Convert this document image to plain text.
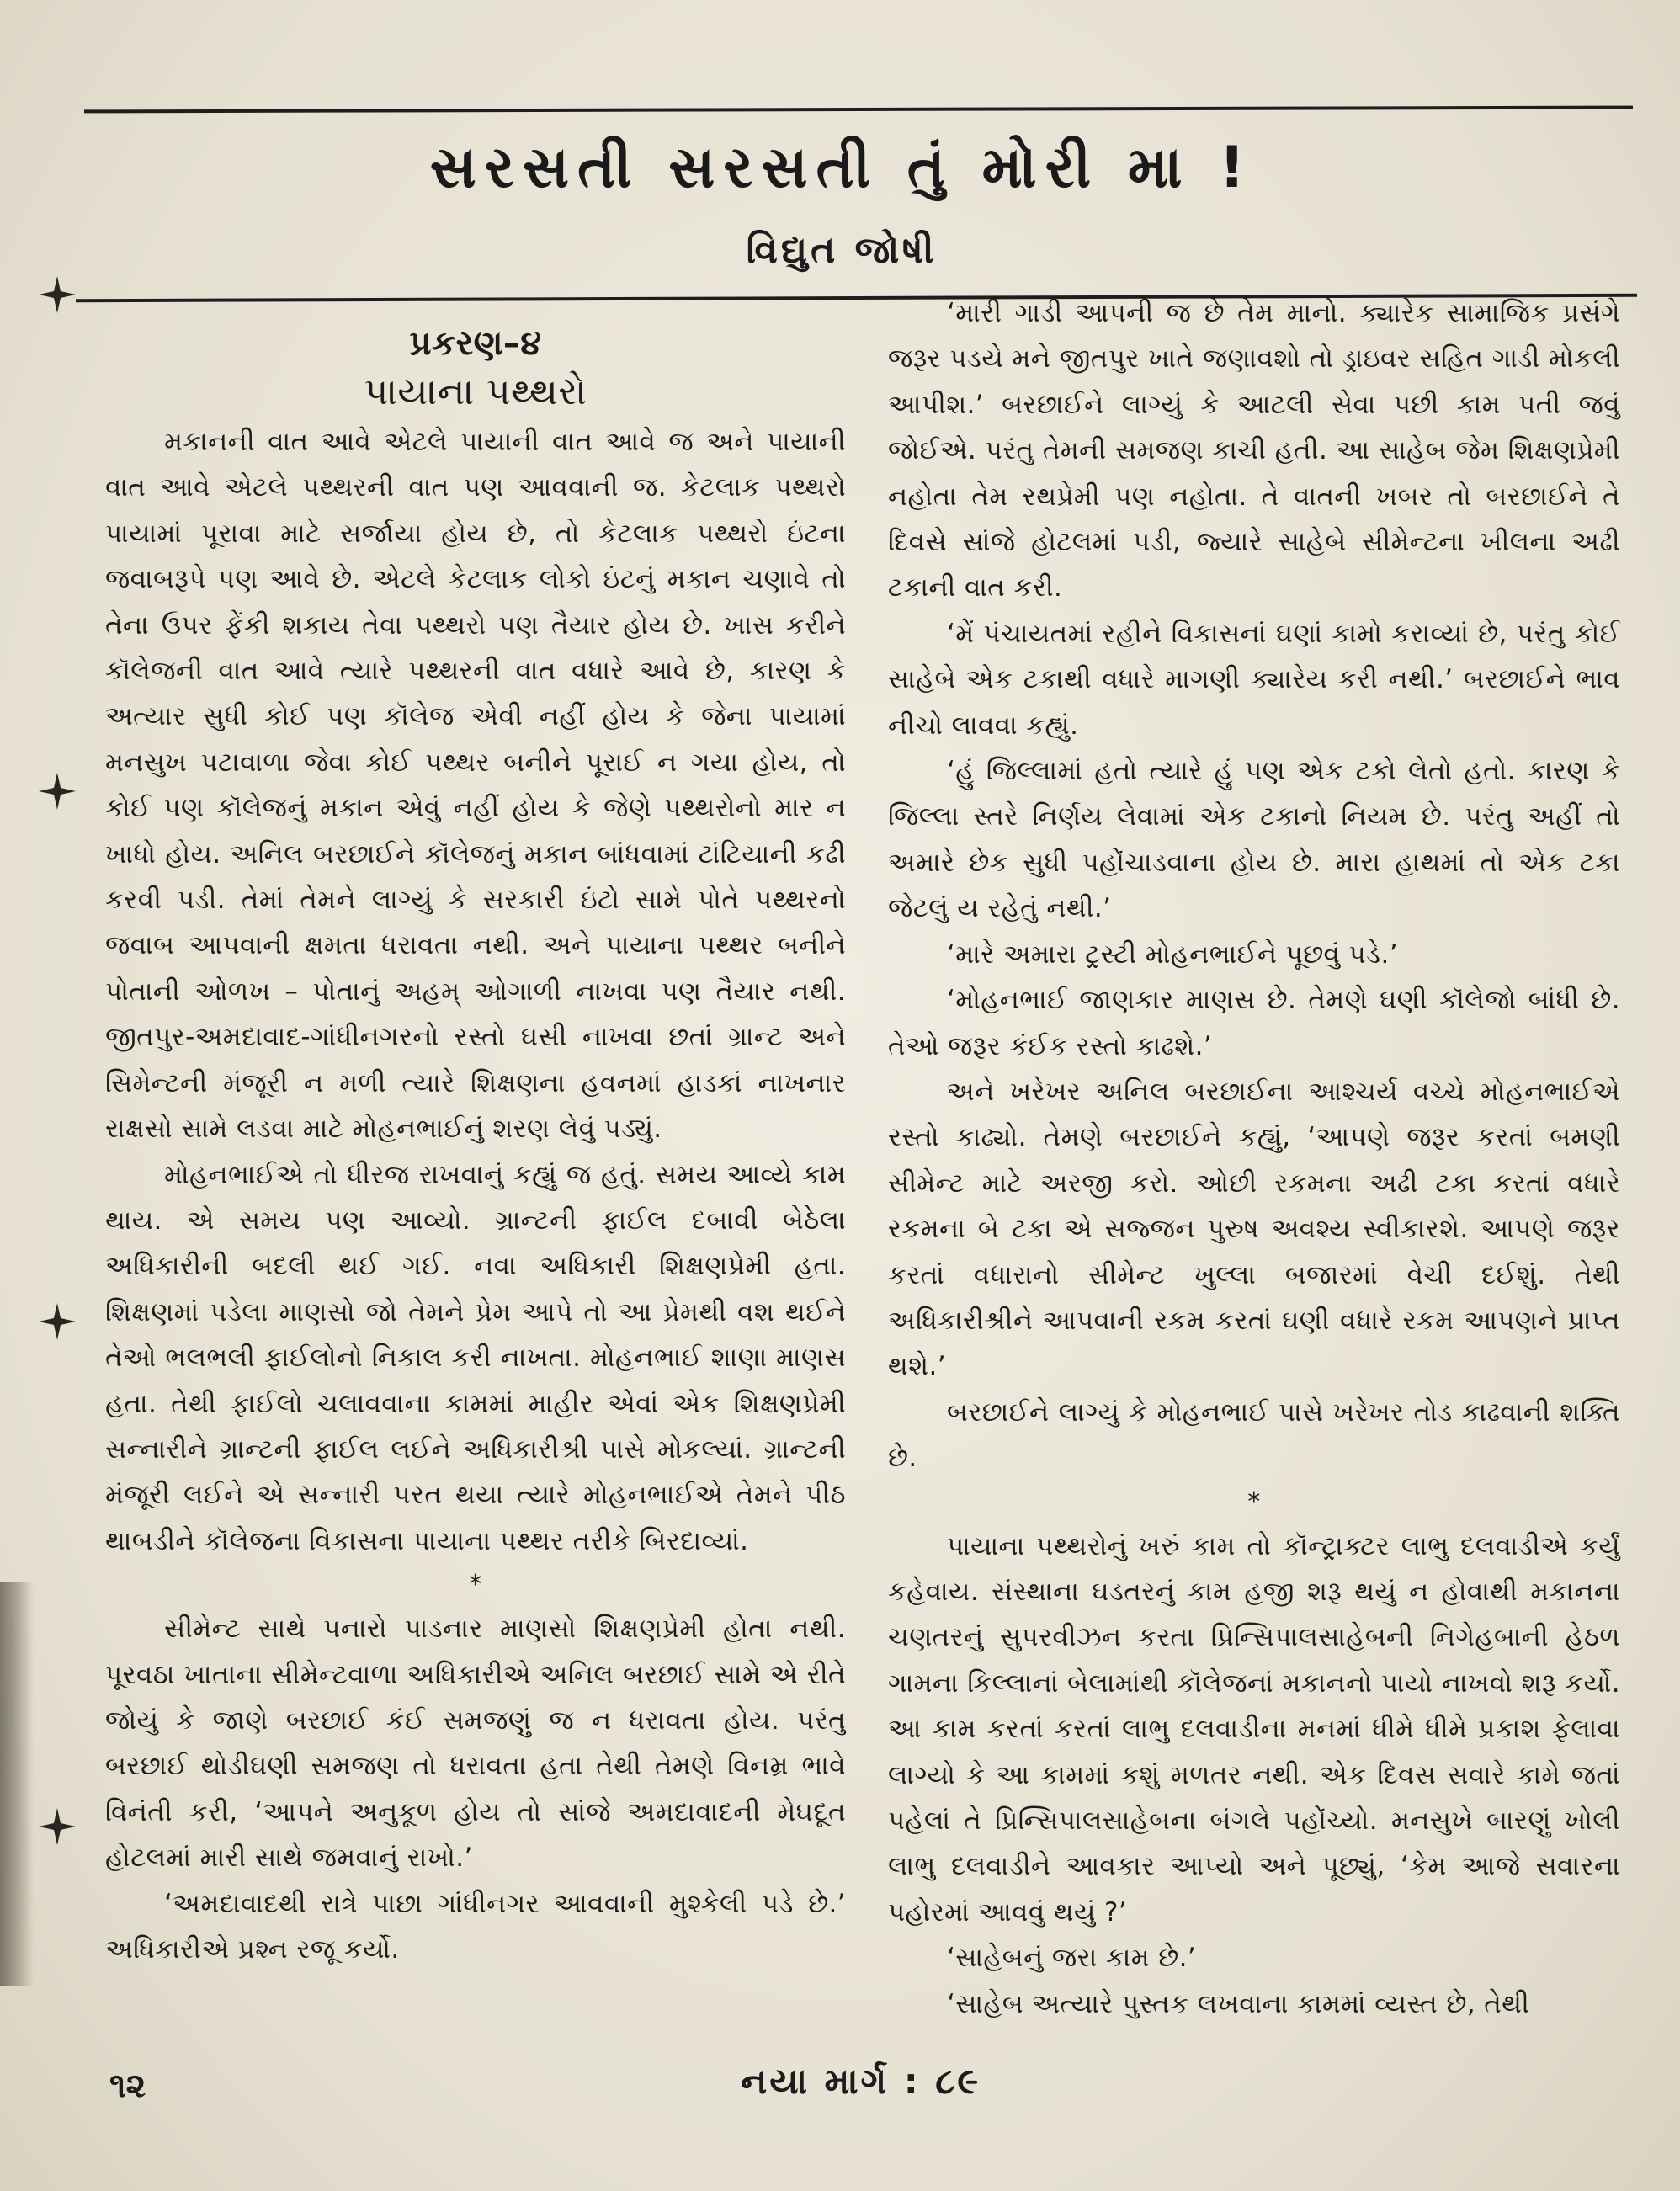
સરસતી સરસતી તું મોરી મા !
વિદ્યુત જોષી
પ્રકરણ–૪
પાયાના પથ્થરો

મકાનની વાત આવે એટલે પાયાની વાત આવે જ અને પાયાની વાત આવે એટલે પથ્થરની વાત પણ આવવાની જ. કેટલાક પથ્થરો પાયામાં પૂરાવા માટે સર્જાયા હોય છે, તો કેટલાક પથ્થરો ઇંટના જવાબરૂપે પણ આવે છે. એટલે કેટલાક લોકો ઇંટનું મકાન ચણાવે તો તેના ઉપર ફેંકી શકાય તેવા પથ્થરો પણ તૈયાર હોય છે. ખાસ કરીને કૉલેજની વાત આવે ત્યારે પથ્થરની વાત વધારે આવે છે, કારણ કે અત્યાર સુધી કોઈ પણ કૉલેજ એવી નહીં હોય કે જેના પાયામાં મનસુખ પટાવાળા જેવા કોઈ પથ્થર બનીને પૂરાઈ ન ગયા હોય, તો કોઈ પણ કૉલેજનું મકાન એવું નહીં હોય કે જેણે પથ્થરોનો માર ન ખાધો હોય. અનિલ બરછાઈને કૉલેજનું મકાન બાંધવામાં ટાંટિયાની કઢી કરવી પડી. તેમાં તેમને લાગ્યું કે સરકારી ઇંટો સામે પોતે પથ્થરનો જવાબ આપવાની ક્ષમતા ધરાવતા નથી. અને પાયાના પથ્થર બનીને પોતાની ઓળખ – પોતાનું અહમ્ ઓગાળી નાખવા પણ તૈયાર નથી. જીતપુર-અમદાવાદ-ગાંધીનગરનો રસ્તો ઘસી નાખવા છતાં ગ્રાન્ટ અને સિમેન્ટની મંજૂરી ન મળી ત્યારે શિક્ષણના હવનમાં હાડકાં નાખનાર રાક્ષસો સામે લડવા માટે મોહનભાઈનું શરણ લેવું પડ્યું.

મોહનભાઈએ તો ધીરજ રાખવાનું કહ્યું જ હતું. સમય આવ્યે કામ થાય. એ સમય પણ આવ્યો. ગ્રાન્ટની ફાઈલ દબાવી બેઠેલા અધિકારીની બદલી થઈ ગઈ. નવા અધિકારી શિક્ષણપ્રેમી હતા. શિક્ષણમાં પડેલા માણસો જો તેમને પ્રેમ આપે તો આ પ્રેમથી વશ થઈને તેઓ ભલભલી ફાઈલોનો નિકાલ કરી નાખતા. મોહનભાઈ શાણા માણસ હતા. તેથી ફાઈલો ચલાવવાના કામમાં માહીર એવાં એક શિક્ષણપ્રેમી સન્નારીને ગ્રાન્ટની ફાઈલ લઈને અધિકારીશ્રી પાસે મોકલ્યાં. ગ્રાન્ટની મંજૂરી લઈને એ સન્નારી પરત થયા ત્યારે મોહનભાઈએ તેમને પીઠ થાબડીને કૉલેજના વિકાસના પાયાના પથ્થર તરીકે બિરદાવ્યાં.

*

સીમેન્ટ સાથે પનારો પાડનાર માણસો શિક્ષણપ્રેમી હોતા નથી. પૂરવઠા ખાતાના સીમેન્ટવાળા અધિકારીએ અનિલ બરછાઈ સામે એ રીતે જોયું કે જાણે બરછાઈ કંઈ સમજણું જ ન ધરાવતા હોય. પરંતુ બરછાઈ થોડીઘણી સમજણ તો ધરાવતા હતા તેથી તેમણે વિનમ્ર ભાવે વિનંતી કરી, ‘આપને અનુકૂળ હોય તો સાંજે અમદાવાદની મેઘદૂત હોટલમાં મારી સાથે જમવાનું રાખો.’

‘અમદાવાદથી રાત્રે પાછા ગાંધીનગર આવવાની મુશ્કેલી પડે છે.’ અધિકારીએ પ્રશ્ન રજૂ કર્યો.

‘મારી ગાડી આપની જ છે તેમ માનો. ક્યારેક સામાજિક પ્રસંગે જરૂર પડયે મને જીતપુર ખાતે જણાવશો તો ડ્રાઇવર સહિત ગાડી મોકલી આપીશ.’ બરછાઈને લાગ્યું કે આટલી સેવા પછી કામ પતી જવું જોઈએ. પરંતુ તેમની સમજણ કાચી હતી. આ સાહેબ જેમ શિક્ષણપ્રેમી નહોતા તેમ રથપ્રેમી પણ નહોતા. તે વાતની ખબર તો બરછાઈને તે દિવસે સાંજે હોટલમાં પડી, જ્યારે સાહેબે સીમેન્ટના ખીલના અઢી ટકાની વાત કરી.

‘મેં પંચાયતમાં રહીને વિકાસનાં ઘણાં કામો કરાવ્યાં છે, પરંતુ કોઈ સાહેબે એક ટકાથી વધારે માગણી ક્યારેય કરી નથી.’ બરછાઈને ભાવ નીચો લાવવા કહ્યું.

‘હું જિલ્લામાં હતો ત્યારે હું પણ એક ટકો લેતો હતો. કારણ કે જિલ્લા સ્તરે નિર્ણય લેવામાં એક ટકાનો નિયમ છે. પરંતુ અહીં તો અમારે છેક સુધી પહોંચાડવાના હોય છે. મારા હાથમાં તો એક ટકા જેટલું ય રહેતું નથી.’

‘મારે અમારા ટ્રસ્ટી મોહનભાઈને પૂછવું પડે.’

‘મોહનભાઈ જાણકાર માણસ છે. તેમણે ઘણી કૉલેજો બાંધી છે. તેઓ જરૂર કંઈક રસ્તો કાઢશે.’

અને ખરેખર અનિલ બરછાઈના આશ્ચર્ય વચ્ચે મોહનભાઈએ રસ્તો કાઢ્યો. તેમણે બરછાઈને કહ્યું, ‘આપણે જરૂર કરતાં બમણી સીમેન્ટ માટે અરજી કરો. ઓછી રકમના અઢી ટકા કરતાં વધારે રકમના બે ટકા એ સજ્જન પુરુષ અવશ્ય સ્વીકારશે. આપણે જરૂર કરતાં વધારાનો સીમેન્ટ ખુલ્લા બજારમાં વેચી દઈશું. તેથી અધિકારીશ્રીને આપવાની રકમ કરતાં ઘણી વધારે રકમ આપણને પ્રાપ્ત થશે.’

બરછાઈને લાગ્યું કે મોહનભાઈ પાસે ખરેખર તોડ કાઢવાની શક્તિ છે.

*

પાયાના પથ્થરોનું ખરું કામ તો કૉન્ટ્રાક્ટર લાભુ દલવાડીએ કર્યું કહેવાય. સંસ્થાના ઘડતરનું કામ હજી શરૂ થયું ન હોવાથી મકાનના ચણતરનું સુપરવીઝન કરતા પ્રિન્સિપાલસાહેબની નિગેહબાની હેઠળ ગામના કિલ્લાનાં બેલામાંથી કૉલેજનાં મકાનનો પાયો નાખવો શરૂ કર્યો. આ કામ કરતાં કરતાં લાભુ દલવાડીના મનમાં ધીમે ધીમે પ્રકાશ ફેલાવા લાગ્યો કે આ કામમાં કશું મળતર નથી. એક દિવસ સવારે કામે જતાં પહેલાં તે પ્રિન્સિપાલસાહેબના બંગલે પહોંચ્યો. મનસુખે બારણું ખોલી લાભુ દલવાડીને આવકાર આપ્યો અને પૂછ્યું, ‘કેમ આજે સવારના પહોરમાં આવવું થયું ?’

‘સાહેબનું જરા કામ છે.’

‘સાહેબ અત્યારે પુસ્તક લખવાના કામમાં વ્યસ્ત છે, તેથી

૧૨	નયા માર્ગ : ૮૯
